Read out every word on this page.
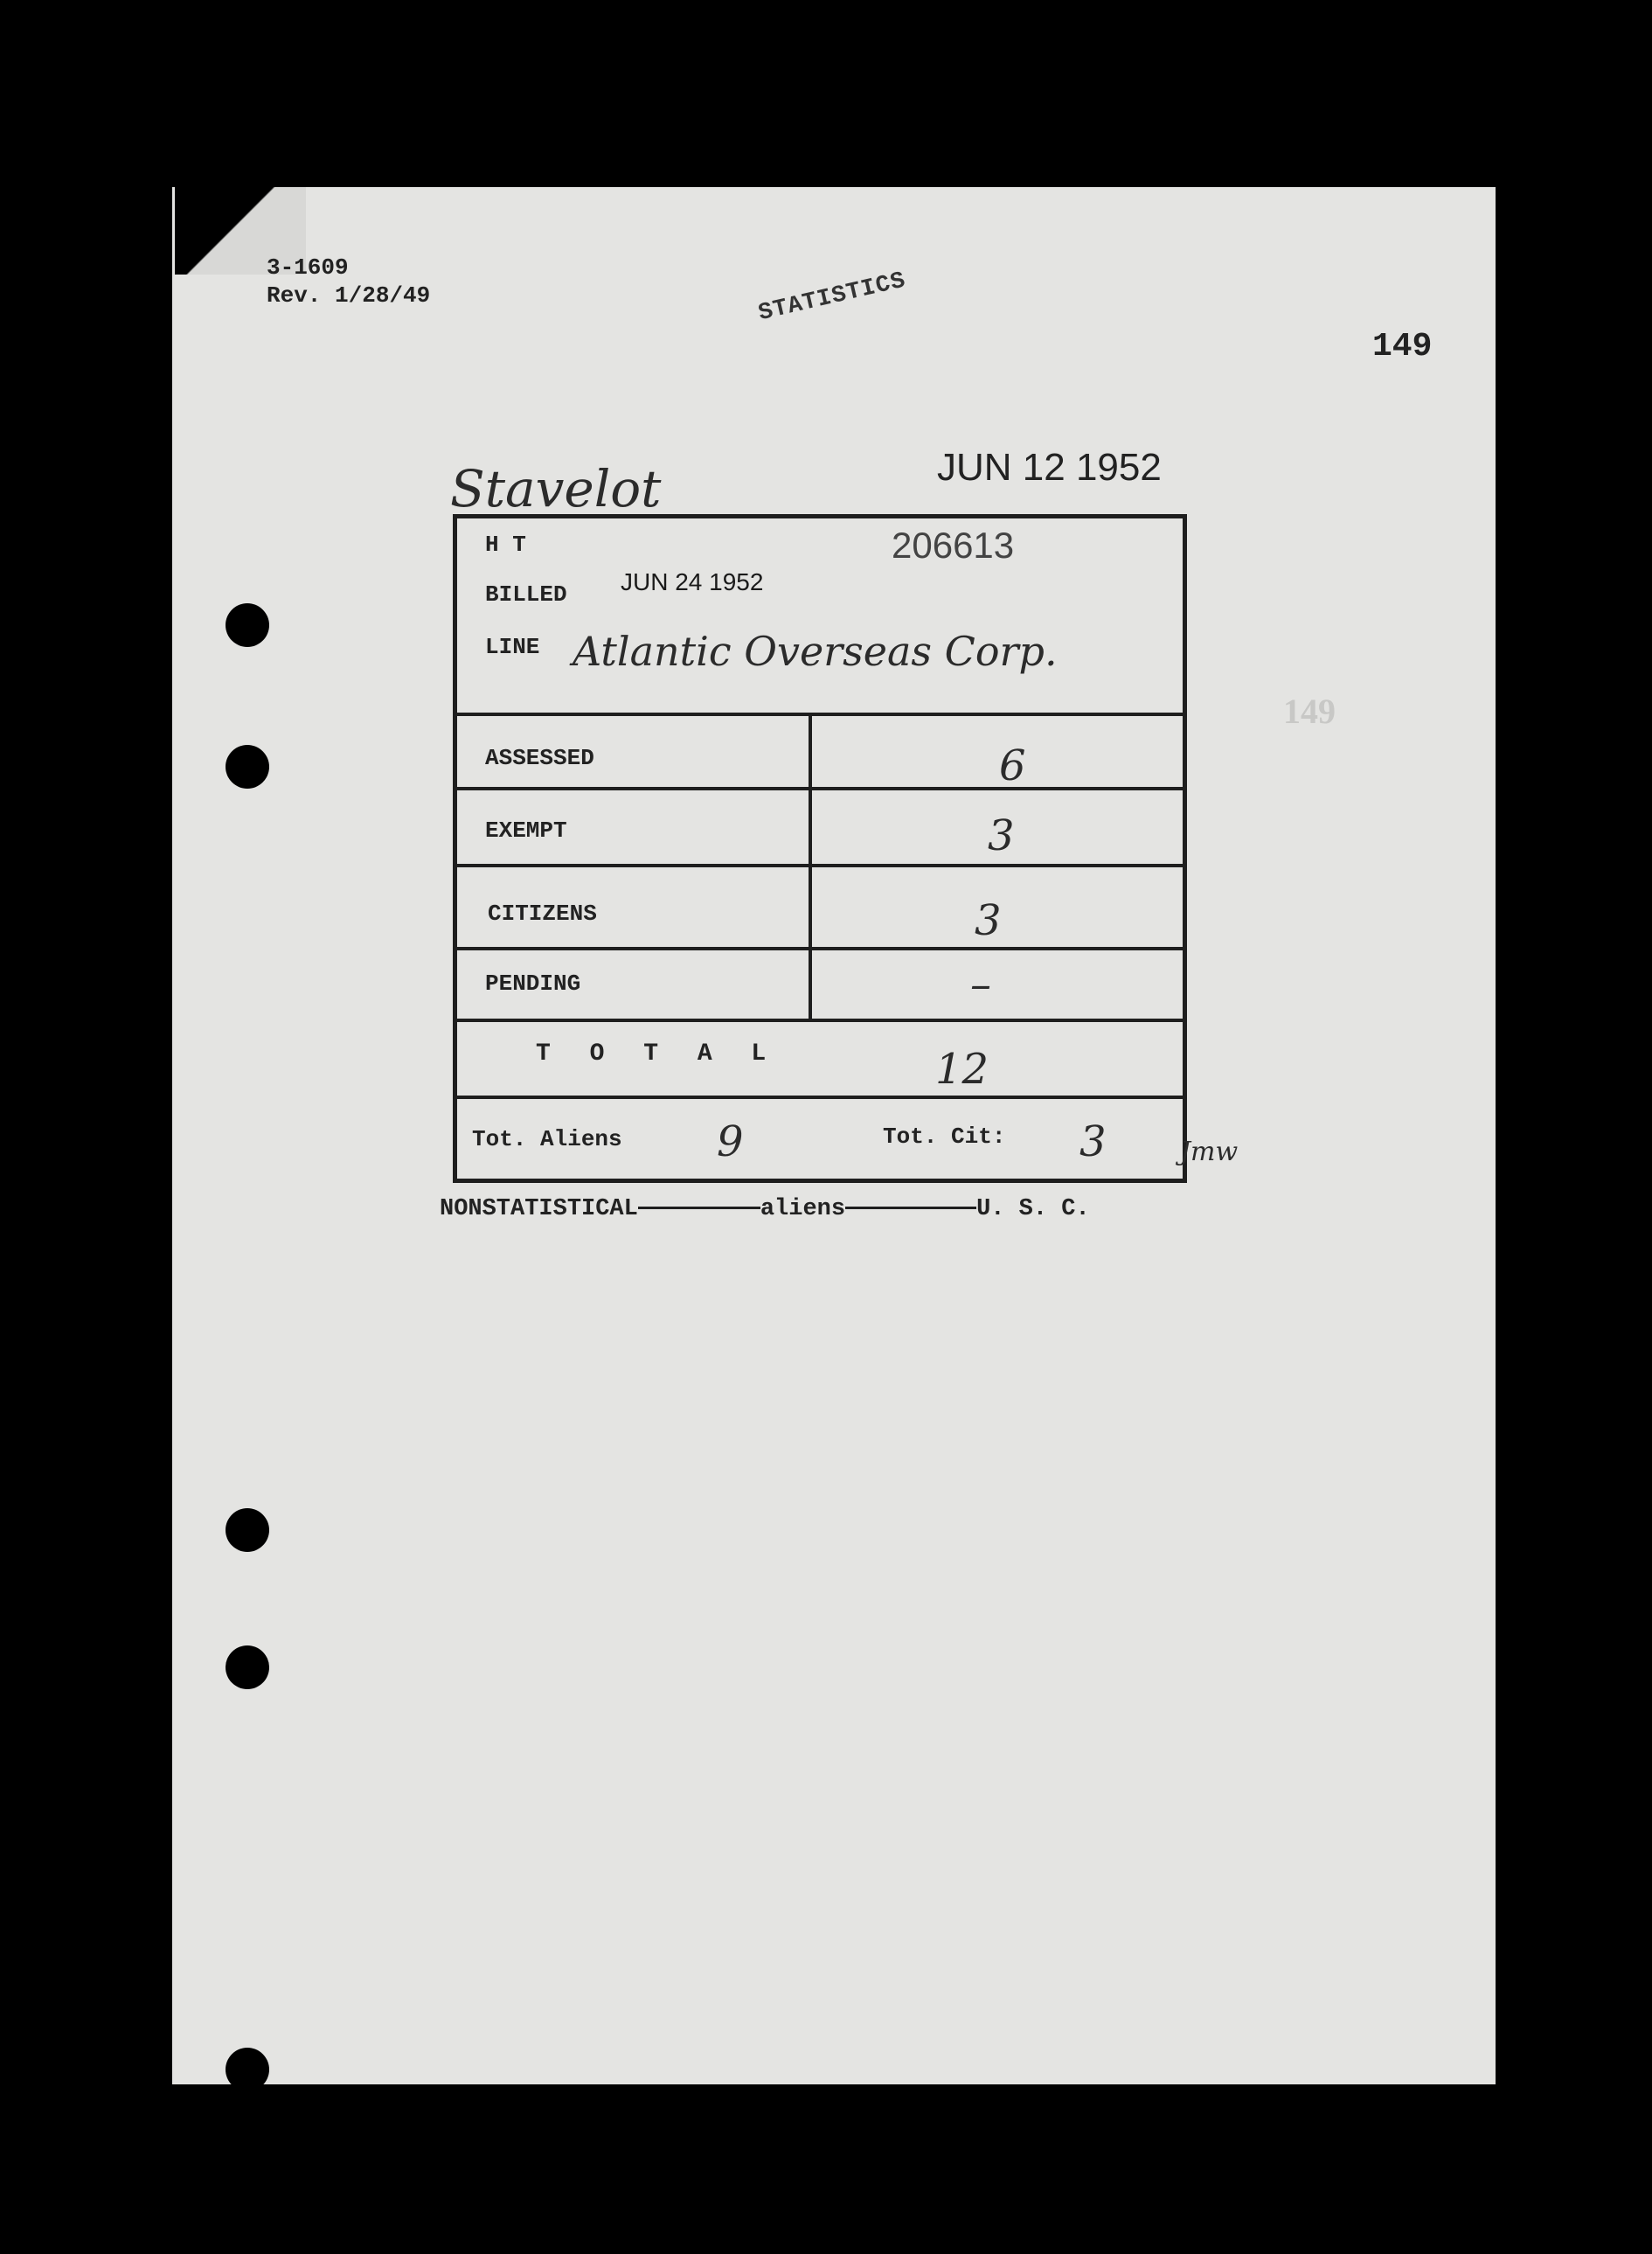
3-1609
Rev. 1/28/49	STATISTICS
149
149
Stavelot	JUN 12 1952
H T	206613
BILLED JUN 24 1952
LINE Atlantic Overseas Corp.
ASSESSED	6
EXEMPT	3
CITIZENS	3
PENDING	–
T O T A L	12
Tot. Aliens 9	Tot. Cit: 3	Jmw
NONSTATISTICAL	aliens	U. S. C.
